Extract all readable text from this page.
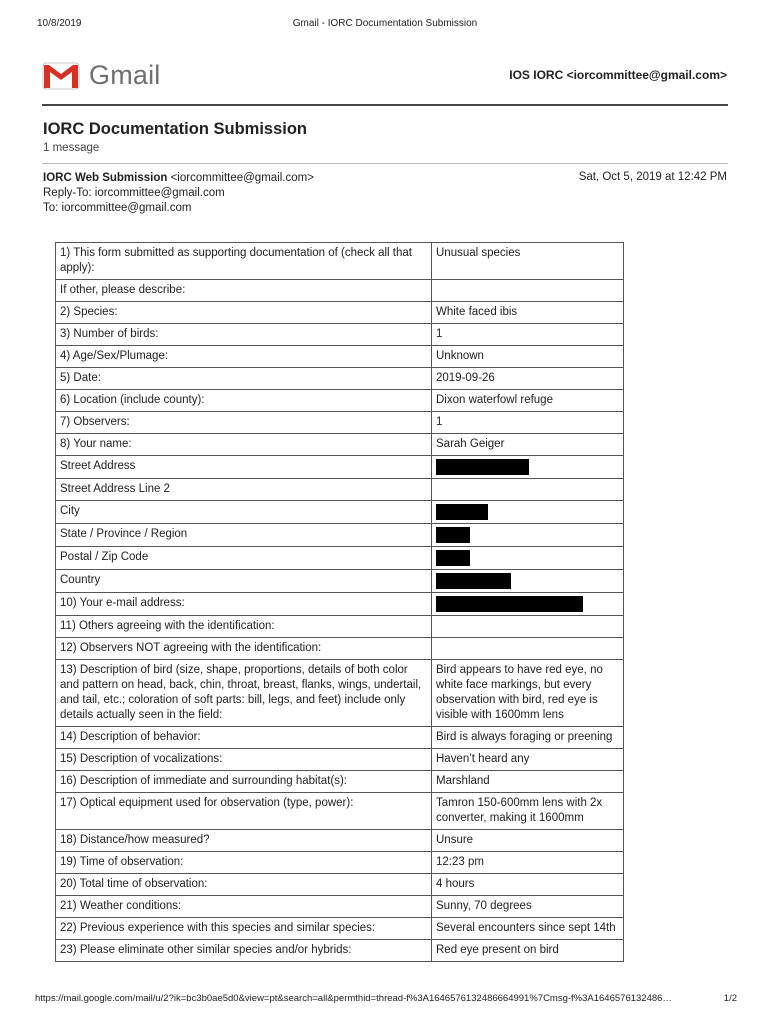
10/8/2019	Gmail - IORC Documentation Submission
Gmail	IOS IORC <iorcommittee@gmail.com>
IORC Documentation Submission
1 message
IORC Web Submission <iorcommittee@gmail.com>
Reply-To: iorcommittee@gmail.com
To: iorcommittee@gmail.com
Sat, Oct 5, 2019 at 12:42 PM
1) This form submitted as supporting documentation of (check all that apply):	Unusual species
If other, please describe:	
2) Species:	White faced ibis
3) Number of birds:	1
4) Age/Sex/Plumage:	Unknown
5) Date:	2019-09-26
6) Location (include county):	Dixon waterfowl refuge
7) Observers:	1
8) Your name:	Sarah Geiger
Street Address	

Street Address Line 2	
City	

State / Province / Region	

Postal / Zip Code	

Country	

10) Your e-mail address:	

11) Others agreeing with the identification:	
12) Observers NOT agreeing with the identification:	
13) Description of bird (size, shape, proportions, details of both color and pattern on head, back, chin, throat, breast, flanks, wings, undertail, and tail, etc.; coloration of soft parts: bill, legs, and feet) include only details actually seen in the field:	Bird appears to have red eye, no white face markings, but every observation with bird, red eye is visible with 1600mm lens
14) Description of behavior:	Bird is always foraging or preening
15) Description of vocalizations:	Haven’t heard any
16) Description of immediate and surrounding habitat(s):	Marshland
17) Optical equipment used for observation (type, power):	Tamron 150-600mm lens with 2x converter, making it 1600mm
18) Distance/how measured?	Unsure
19) Time of observation:	12:23 pm
20) Total time of observation:	4 hours
21) Weather conditions:	Sunny, 70 degrees
22) Previous experience with this species and similar species:	Several encounters since sept 14th
23) Please eliminate other similar species and/or hybrids:	Red eye present on bird
https://mail.google.com/mail/u/2?ik=bc3b0ae5d0&view=pt&search=all&permthid=thread-f%3A1646576132486664991%7Cmsg-f%3A1646576132486…	1/2
